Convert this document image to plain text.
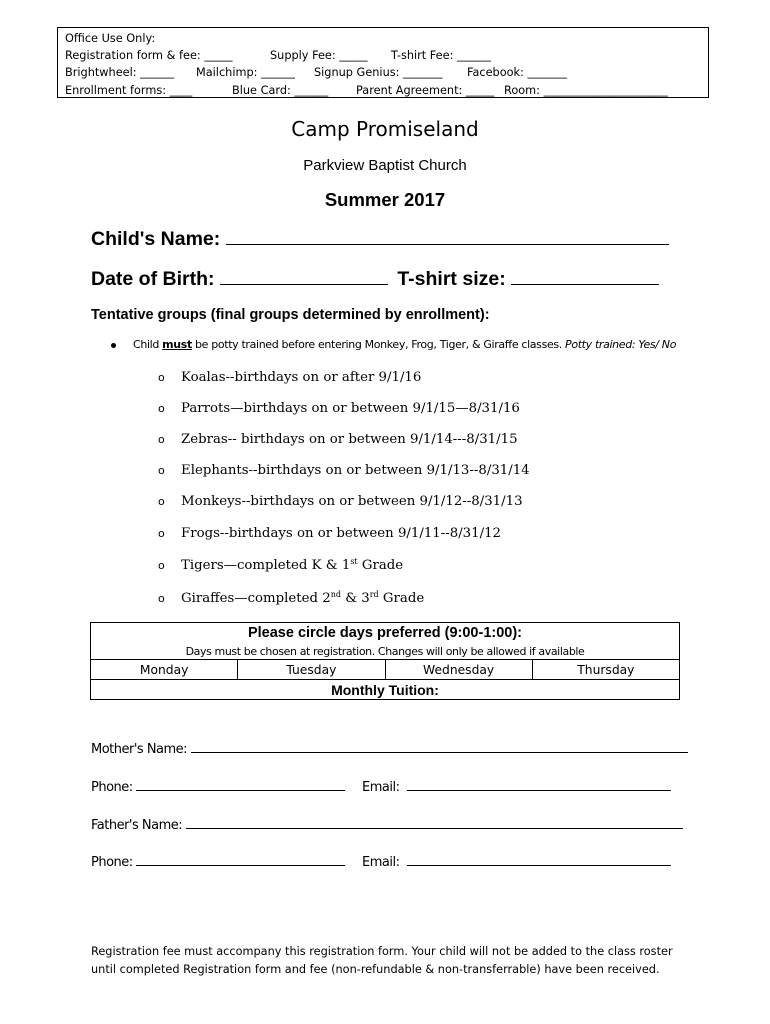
Office Use Only:
Registration form & fee: _____	Supply Fee: _____	T-shirt Fee: ______
Brightwheel: ______	Mailchimp: ______	Signup Genius: _______	Facebook: _______
Enrollment forms: ____	Blue Card: ______	Parent Agreement: _____ Room: ______________________
Camp Promiseland
Parkview Baptist Church
Summer 2017
Child's Name:
Date of Birth:	T-shirt size:
Tentative groups (final groups determined by enrollment):
Child must be potty trained before entering Monkey, Frog, Tiger, & Giraffe classes. Potty trained: Yes/ No
o Koalas--birthdays on or after 9/1/16
o Parrots—birthdays on or between 9/1/15—8/31/16
o Zebras-- birthdays on or between 9/1/14---8/31/15
o Elephants--birthdays on or between 9/1/13--8/31/14
o Monkeys--birthdays on or between 9/1/12--8/31/13
o Frogs--birthdays on or between 9/1/11--8/31/12
o Tigers—completed K & 1st Grade
o Giraffes—completed 2nd & 3rd Grade
Please circle days preferred (9:00-1:00):
Days must be chosen at registration. Changes will only be allowed if available
Monday	Tuesday	Wednesday	Thursday
Monthly Tuition:
Mother's Name:
Phone:	Email:
Father's Name:
Phone:	Email:
Registration fee must accompany this registration form. Your child will not be added to the class roster
until completed Registration form and fee (non-refundable & non-transferrable) have been received.
